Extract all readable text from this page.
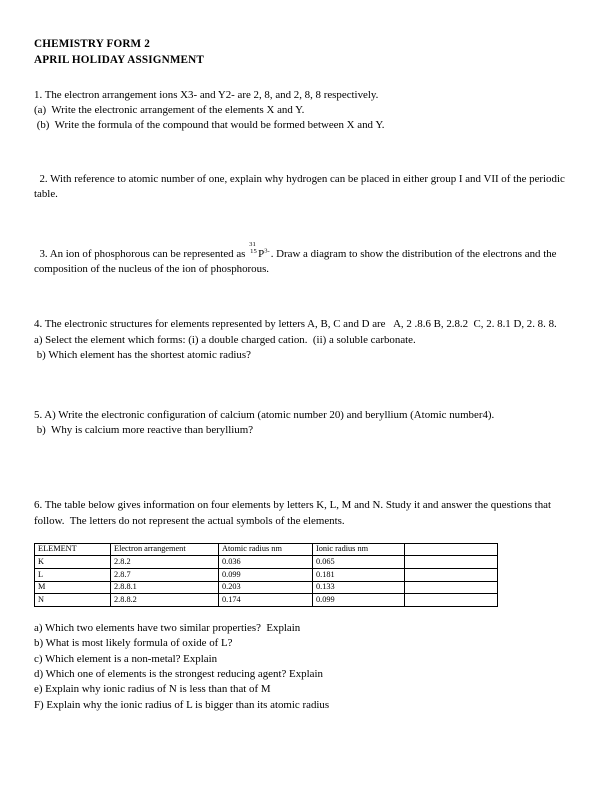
CHEMISTRY FORM 2
APRIL HOLIDAY ASSIGNMENT
1. The electron arrangement ions X3- and Y2- are 2, 8, and 2, 8, 8 respectively.
(a)  Write the electronic arrangement of the elements X and Y.
(b)  Write the formula of the compound that would be formed between X and Y.
2. With reference to atomic number of one, explain why hydrogen can be placed in either group I and VII of the periodic table.
3. An ion of phosphorous can be represented as
31
15 $P^{3-}$. Draw a diagram to show the distribution of the electrons and the composition of the nucleus of the ion of phosphorous.
4. The electronic structures for elements represented by letters A, B, C and D are   A, 2 .8.6 B, 2.8.2  C, 2. 8.1 D, 2. 8. 8.
a) Select the element which forms: (i) a double charged cation.  (ii) a soluble carbonate.
b) Which element has the shortest atomic radius?
5. A) Write the electronic configuration of calcium (atomic number 20) and beryllium (Atomic number4).
b)  Why is calcium more reactive than beryllium?
6. The table below gives information on four elements by letters K, L, M and N. Study it and answer the questions that follow.  The letters do not represent the actual symbols of the elements.
ELEMENT	Electron arrangement	Atomic radius nm	Ionic radius nm	
K	2.8.2	0.036	0.065	
L	2.8.7	0.099	0.181	
M	2.8.8.1	0.203	0.133	
N	2.8.8.2	0.174	0.099	
a) Which two elements have two similar properties?  Explain
b) What is most likely formula of oxide of L?
c) Which element is a non-metal? Explain
d) Which one of elements is the strongest reducing agent? Explain
e) Explain why ionic radius of N is less than that of M
F) Explain why the ionic radius of L is bigger than its atomic radius
